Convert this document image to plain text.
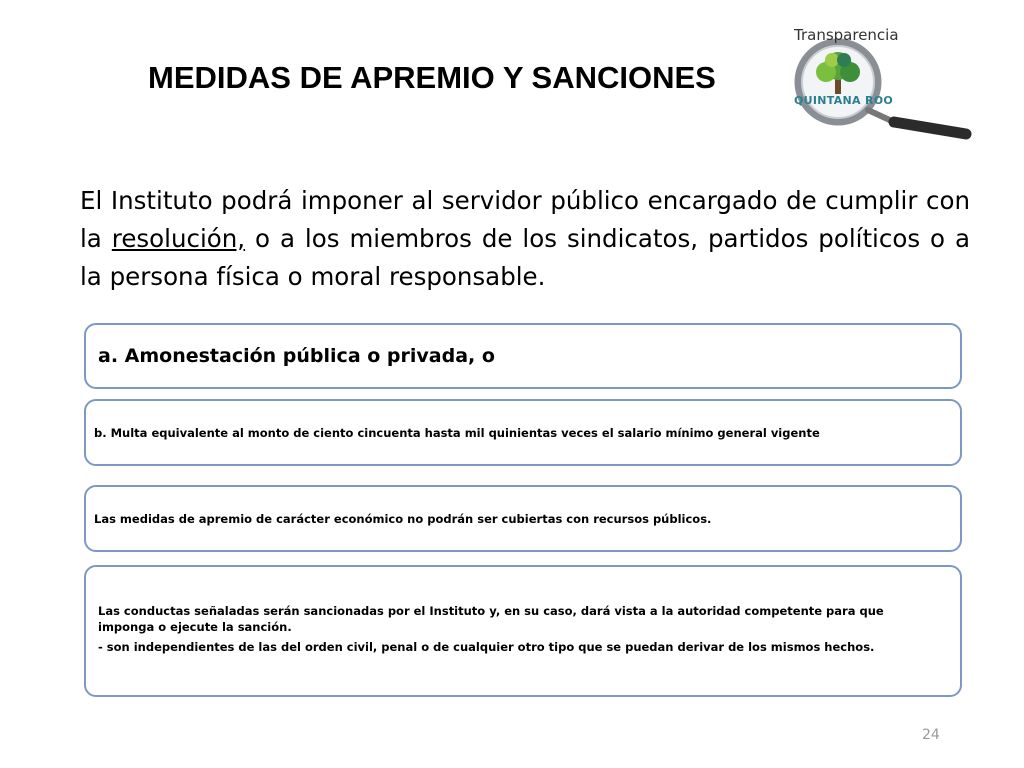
MEDIDAS DE APREMIO Y SANCIONES
Transparencia
QUINTANA ROO

El Instituto podrá imponer al servidor público encargado de cumplir con la resolución, o a los miembros de los sindicatos, partidos políticos o a la persona física o moral responsable.

a. Amonestación pública o privada, o
b. Multa equivalente al monto de ciento cincuenta hasta mil quinientas veces el salario mínimo general vigente
Las medidas de apremio de carácter económico no podrán ser cubiertas con recursos públicos.

Las conductas señaladas serán sancionadas por el Instituto y, en su caso, dará vista a la autoridad competente para que imponga o ejecute la sanción.

- son independientes de las del orden civil, penal o de cualquier otro tipo que se puedan derivar de los mismos hechos.

24
